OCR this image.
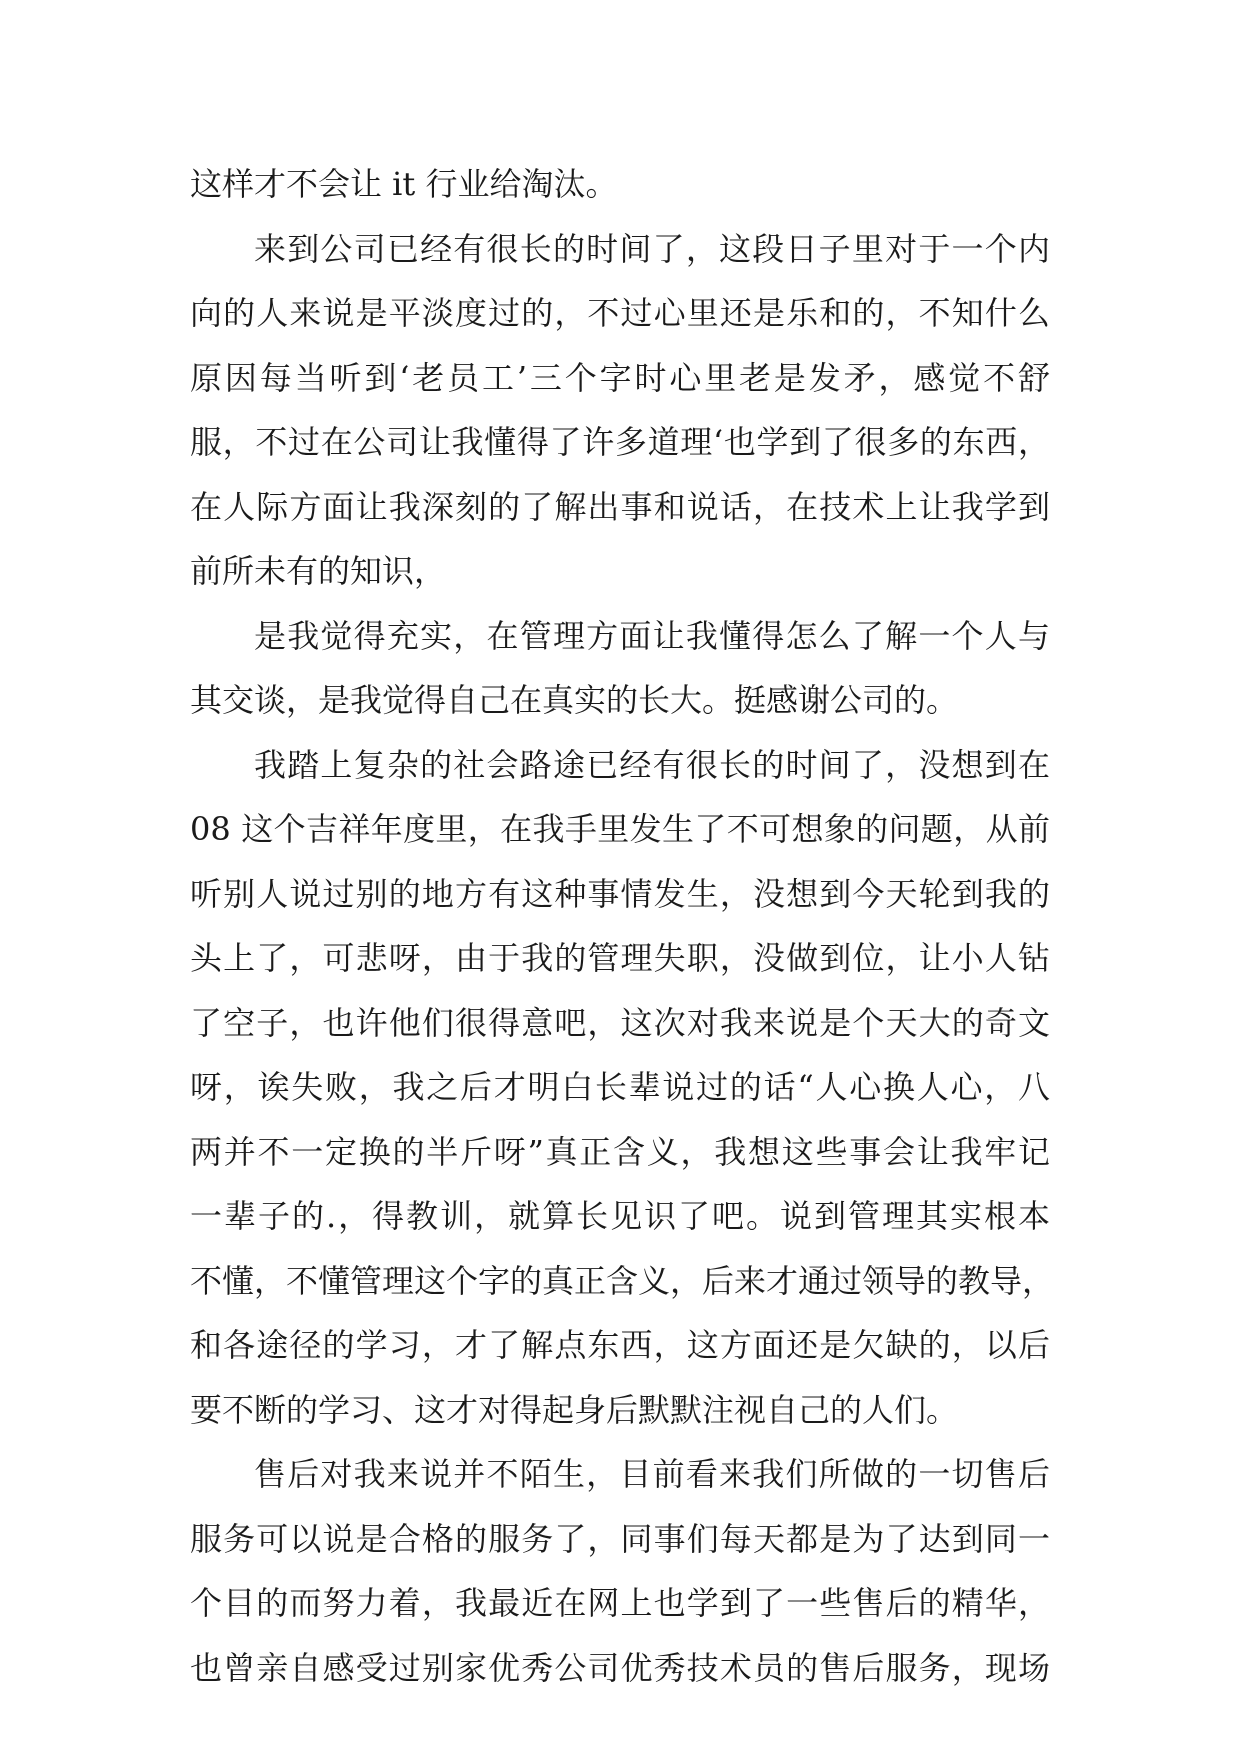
这样才不会让 it 行业给淘汰。
来到公司已经有很长的时间了，这段日子里对于一个内
向的人来说是平淡度过的，不过心里还是乐和的，不知什么
原因每当听到‘老员工’三个字时心里老是发矛，感觉不舒
服，不过在公司让我懂得了许多道理‘也学到了很多的东西，
在人际方面让我深刻的了解出事和说话，在技术上让我学到
前所未有的知识，
是我觉得充实，在管理方面让我懂得怎么了解一个人与
其交谈，是我觉得自己在真实的长大。挺感谢公司的。
我踏上复杂的社会路途已经有很长的时间了，没想到在
08 这个吉祥年度里，在我手里发生了不可想象的问题，从前
听别人说过别的地方有这种事情发生，没想到今天轮到我的
头上了，可悲呀，由于我的管理失职，没做到位，让小人钻
了空子，也许他们很得意吧，这次对我来说是个天大的奇文
呀，诶失败，我之后才明白长辈说过的话“人心换人心，八
两并不一定换的半斤呀”真正含义，我想这些事会让我牢记
一辈子的.，得教训，就算长见识了吧。说到管理其实根本
不懂，不懂管理这个字的真正含义，后来才通过领导的教导，
和各途径的学习，才了解点东西，这方面还是欠缺的，以后
要不断的学习、这才对得起身后默默注视自己的人们。
售后对我来说并不陌生，目前看来我们所做的一切售后
服务可以说是合格的服务了，同事们每天都是为了达到同一
个目的而努力着，我最近在网上也学到了一些售后的精华，
也曾亲自感受过别家优秀公司优秀技术员的售后服务，现场
